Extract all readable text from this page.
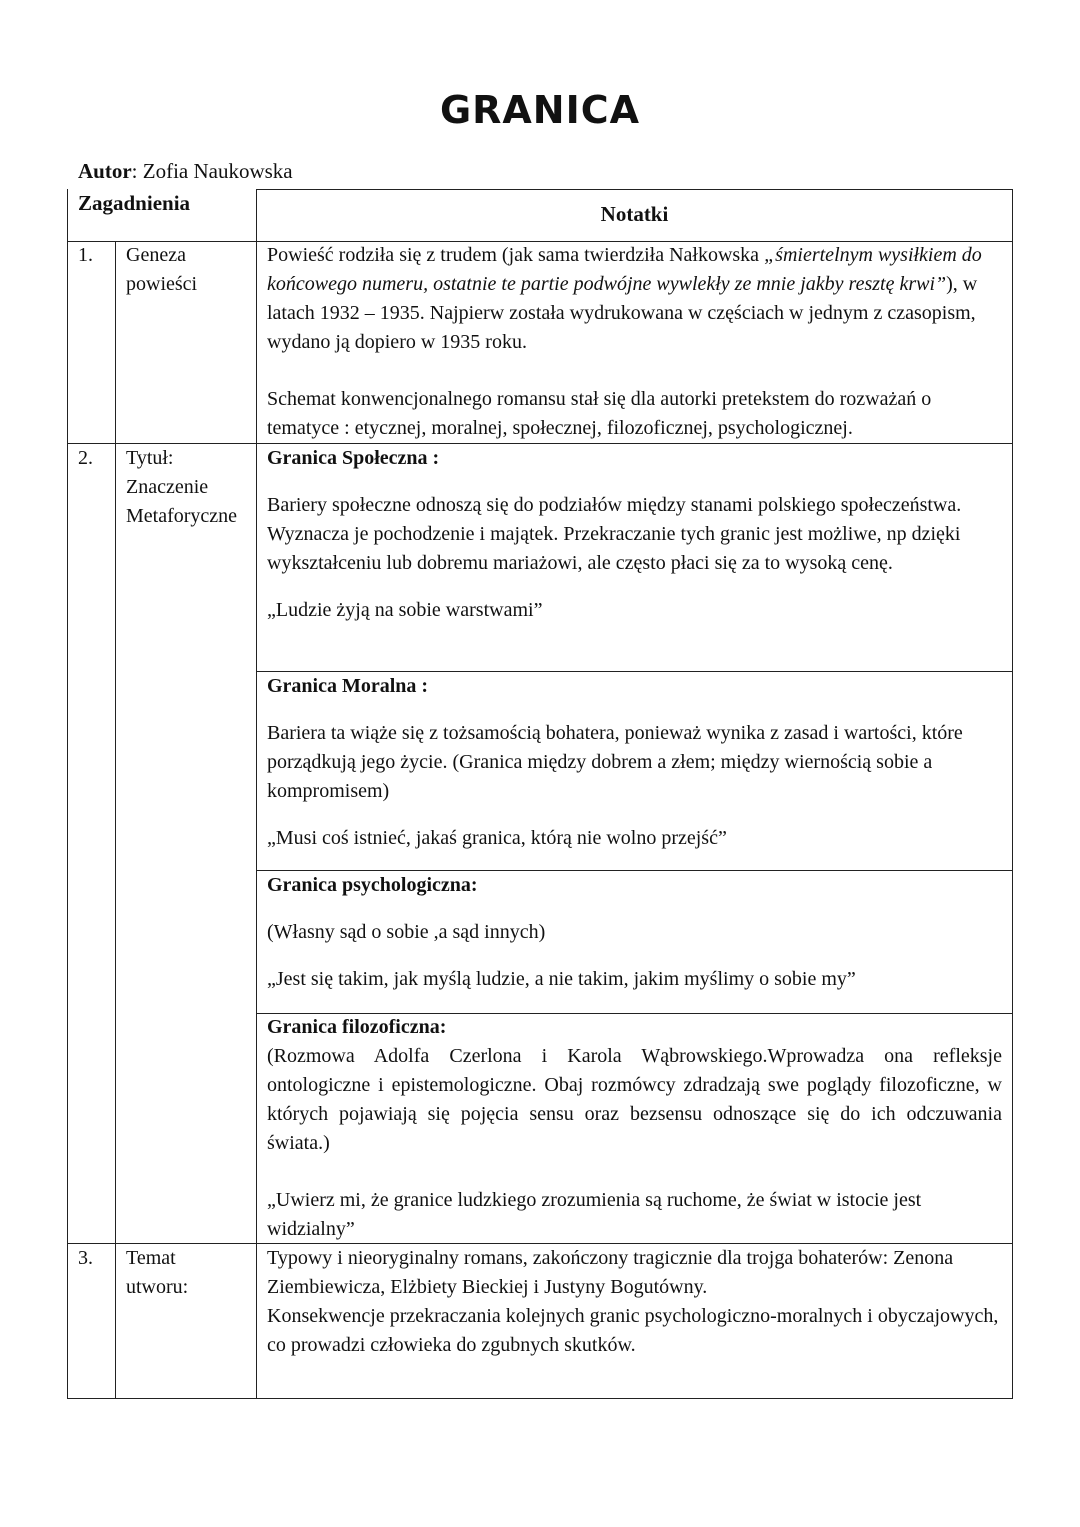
GRANICA
Autor: Zofia Naukowska
Zagadnienia	Notatki
1. Geneza powieści

Powieść rodziła się z trudem (jak sama twierdziła Nałkowska „śmiertelnym wysiłkiem do końcowego numeru, ostatnie te partie podwójne wywlekły ze mnie jakby resztę krwi”), w latach 1932 – 1935. Najpierw została wydrukowana w częściach w jednym z czasopism, wydano ją dopiero w 1935 roku.

Schemat konwencjonalnego romansu stał się dla autorki pretekstem do rozważań o tematyce : etycznej, moralnej, społecznej, filozoficznej, psychologicznej.

2. Tytuł:

Znaczenie Metaforyczne

Granica Społeczna :

Bariery społeczne odnoszą się do podziałów między stanami polskiego społeczeństwa. Wyznacza je pochodzenie i majątek. Przekraczanie tych granic jest możliwe, np dzięki wykształceniu lub dobremu mariażowi, ale często płaci się za to wysoką cenę.

„Ludzie żyją na sobie warstwami”

Granica Moralna :

Bariera ta wiąże się z tożsamością bohatera, ponieważ wynika z zasad i wartości, które porządkują jego życie. (Granica między dobrem a złem; między wiernością sobie a kompromisem)

„Musi coś istnieć, jakaś granica, którą nie wolno przejść”

Granica psychologiczna:

(Własny sąd o sobie ,a sąd innych)

„Jest się takim, jak myślą ludzie, a nie takim, jakim myślimy o sobie my”

Granica filozoficzna:

(Rozmowa Adolfa Czerlona i Karola Wąbrowskiego.Wprowadza ona refleksje ontologiczne i epistemologiczne. Obaj rozmówcy zdradzają swe poglądy filozoficzne, w których pojawiają się pojęcia sensu oraz bezsensu odnoszące się do ich odczuwania świata.)

„Uwierz mi, że granice ludzkiego zrozumienia są ruchome, że świat w istocie jest widzialny”

3. Temat utworu:

Typowy i nieoryginalny romans, zakończony tragicznie dla trojga bohaterów: Zenona Ziembiewicza, Elżbiety Bieckiej i Justyny Bogutówny.

Konsekwencje przekraczania kolejnych granic psychologiczno-moralnych i obyczajowych, co prowadzi człowieka do zgubnych skutków.
